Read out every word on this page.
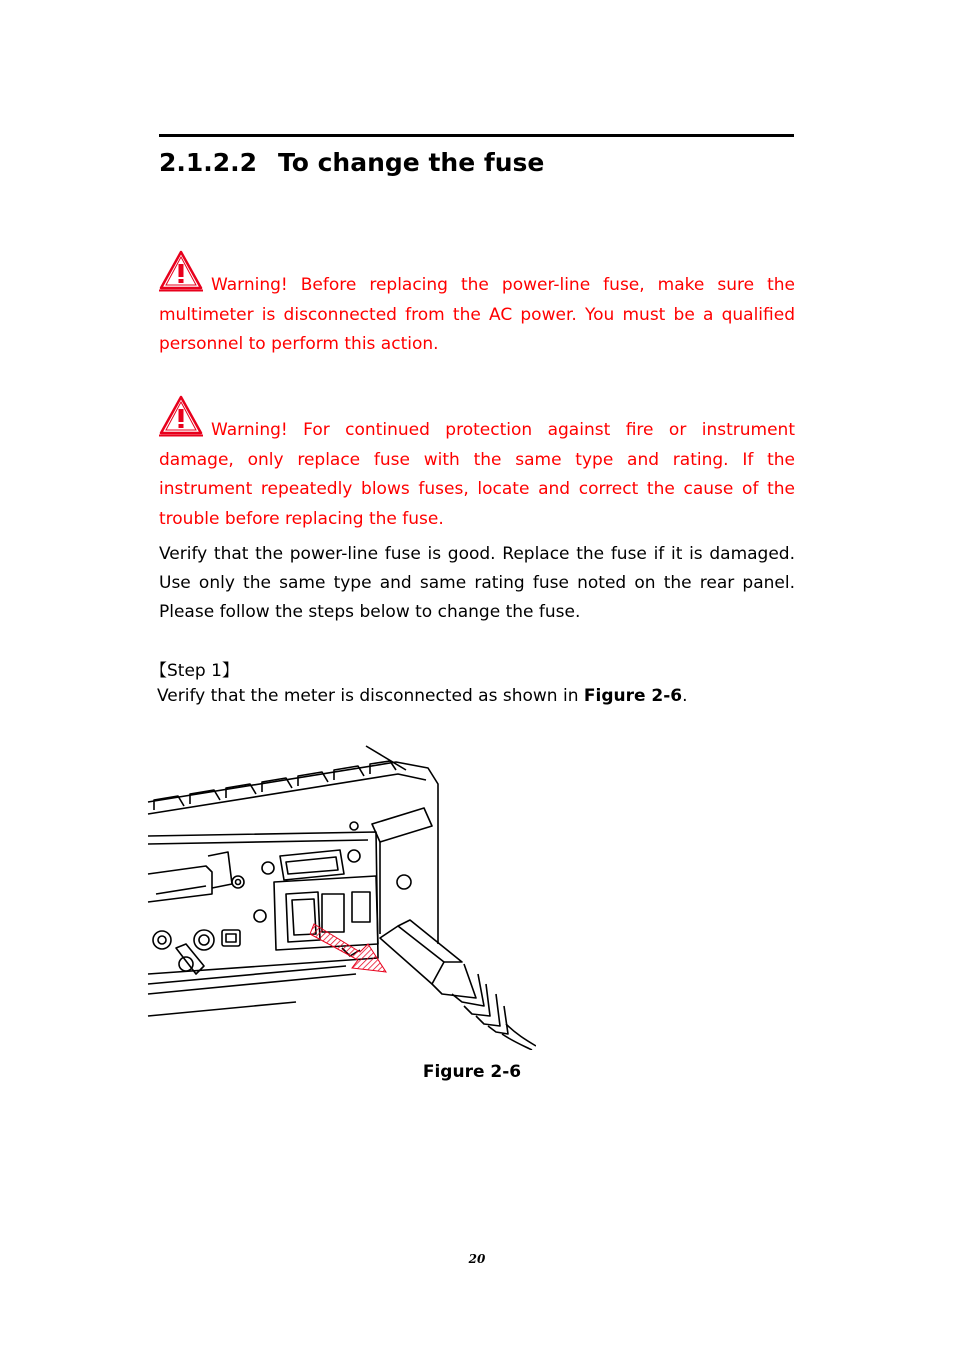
2.1.2.2 To change the fuse
Warning! Before replacing the power-line fuse, make sure the multimeter is disconnected from the AC power. You must be a qualified personnel to perform this action.
Warning! For continued protection against fire or instrument damage, only replace fuse with the same type and rating. If the instrument repeatedly blows fuses, locate and correct the cause of the trouble before replacing the fuse.
Verify that the power-line fuse is good. Replace the fuse if it is damaged. Use only the same type and same rating fuse noted on the rear panel. Please follow the steps below to change the fuse.
【Step 1】
Verify that the meter is disconnected as shown in Figure 2-6.
Figure 2-6
20
